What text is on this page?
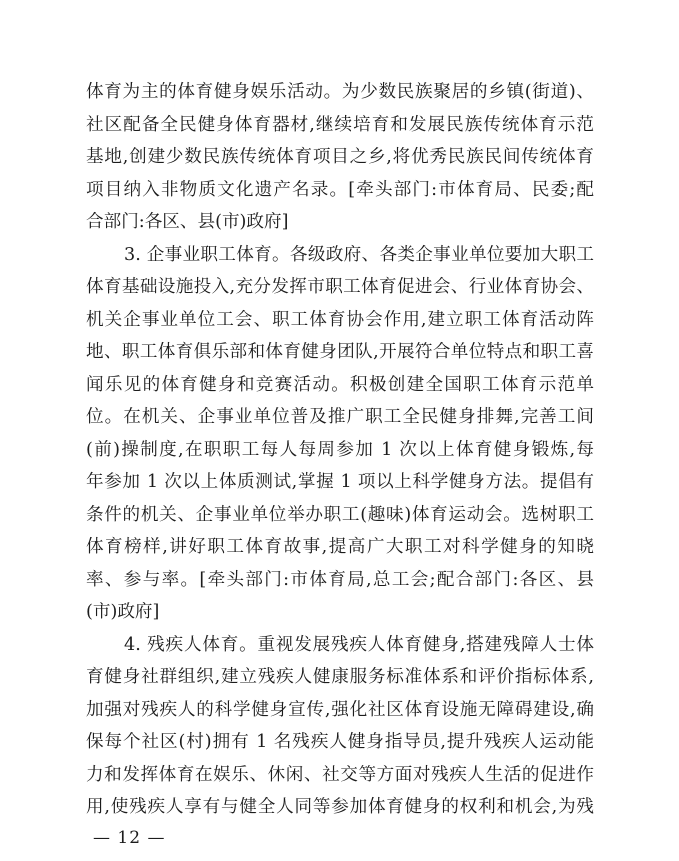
体育为主的体育健身娱乐活动。为少数民族聚居的乡镇(街道)、
社区配备全民健身体育器材,继续培育和发展民族传统体育示范
基地,创建少数民族传统体育项目之乡,将优秀民族民间传统体育
项目纳入非物质文化遗产名录。[牵头部门:市体育局、民委;配
合部门:各区、县(市)政府]
3. 企事业职工体育。各级政府、各类企事业单位要加大职工
体育基础设施投入,充分发挥市职工体育促进会、行业体育协会、
机关企事业单位工会、职工体育协会作用,建立职工体育活动阵
地、职工体育俱乐部和体育健身团队,开展符合单位特点和职工喜
闻乐见的体育健身和竞赛活动。积极创建全国职工体育示范单
位。在机关、企事业单位普及推广职工全民健身排舞,完善工间
(前)操制度,在职职工每人每周参加 1 次以上体育健身锻炼,每
年参加 1 次以上体质测试,掌握 1 项以上科学健身方法。提倡有
条件的机关、企事业单位举办职工(趣味)体育运动会。选树职工
体育榜样,讲好职工体育故事,提高广大职工对科学健身的知晓
率、参与率。[牵头部门:市体育局,总工会;配合部门:各区、县
(市)政府]
4. 残疾人体育。重视发展残疾人体育健身,搭建残障人士体
育健身社群组织,建立残疾人健康服务标准体系和评价指标体系,
加强对残疾人的科学健身宣传,强化社区体育设施无障碍建设,确
保每个社区(村)拥有 1 名残疾人健身指导员,提升残疾人运动能
力和发挥体育在娱乐、休闲、社交等方面对残疾人生活的促进作
用,使残疾人享有与健全人同等参加体育健身的权利和机会,为残
— 12 —
